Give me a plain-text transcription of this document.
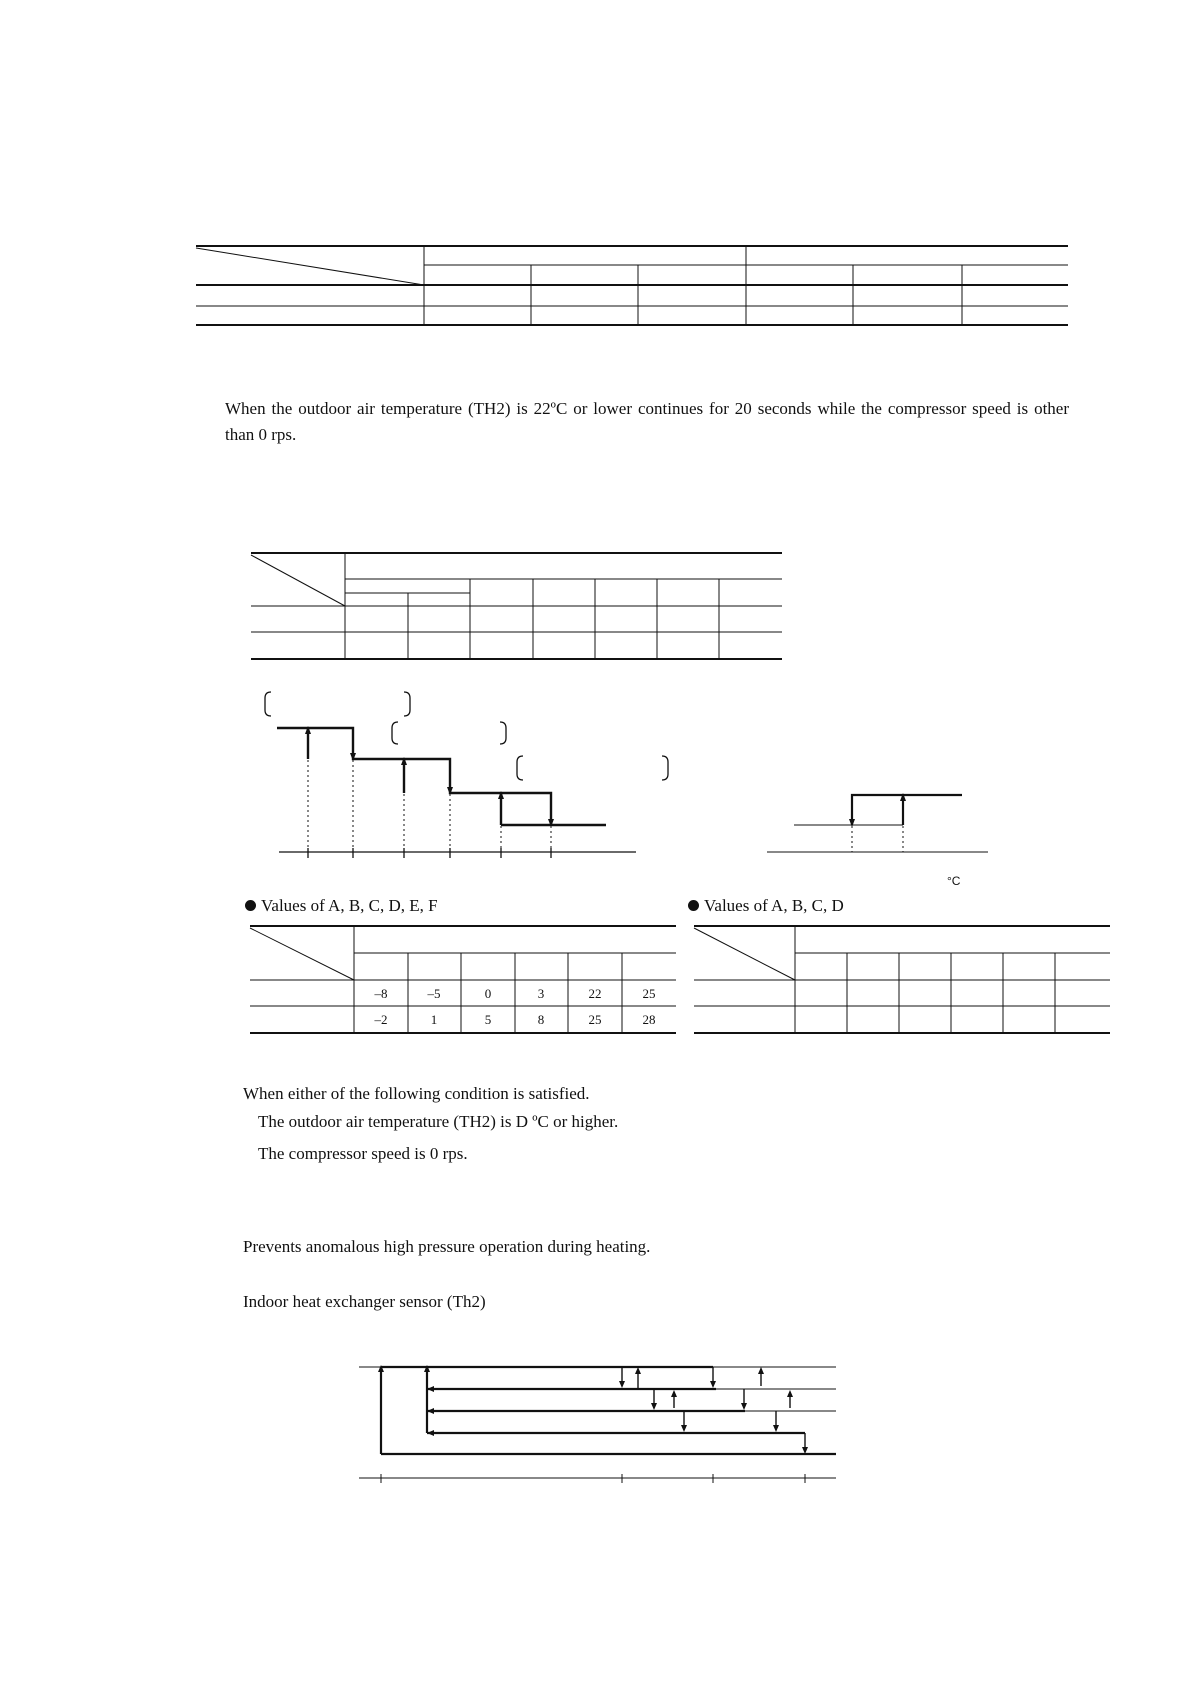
When the outdoor air temperature (TH2) is 22ºC or lower continues for 20 seconds while the compressor speed is other than 0 rps.
°C
Values of A, B, C, D, E, F	Values of A, B, C, D
–8	–5	0	3	22	25
–2	1	5	8	25	28
When either of the following condition is satisfied.
The outdoor air temperature (TH2) is D ºC or higher.
The compressor speed is 0 rps.
Prevents anomalous high pressure operation during heating.
Indoor heat exchanger sensor (Th2)
